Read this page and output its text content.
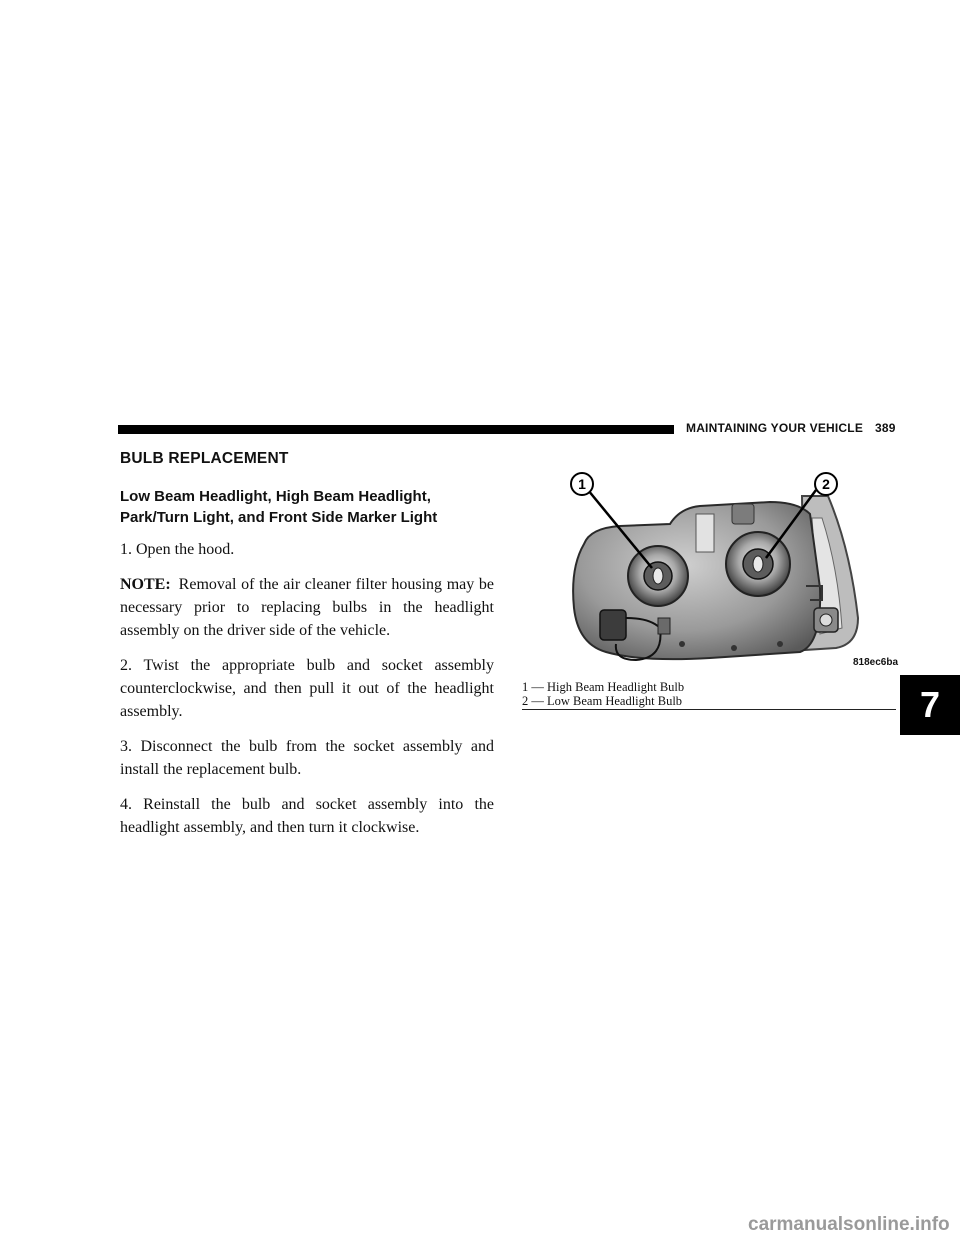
MAINTAINING YOUR VEHICLE 389
BULB REPLACEMENT
Low Beam Headlight, High Beam Headlight, Park/Turn Light, and Front Side Marker Light

1. Open the hood.

NOTE: Removal of the air cleaner filter housing may be necessary prior to replacing bulbs in the headlight assembly on the driver side of the vehicle.

2. Twist the appropriate bulb and socket assembly counterclockwise, and then pull it out of the headlight assembly.

3. Disconnect the bulb from the socket assembly and install the replacement bulb.

4. Reinstall the bulb and socket assembly into the headlight assembly, and then turn it clockwise.

1	2
818ec6ba
1 — High Beam Headlight Bulb
2 — Low Beam Headlight Bulb	7
carmanualsonline.info
